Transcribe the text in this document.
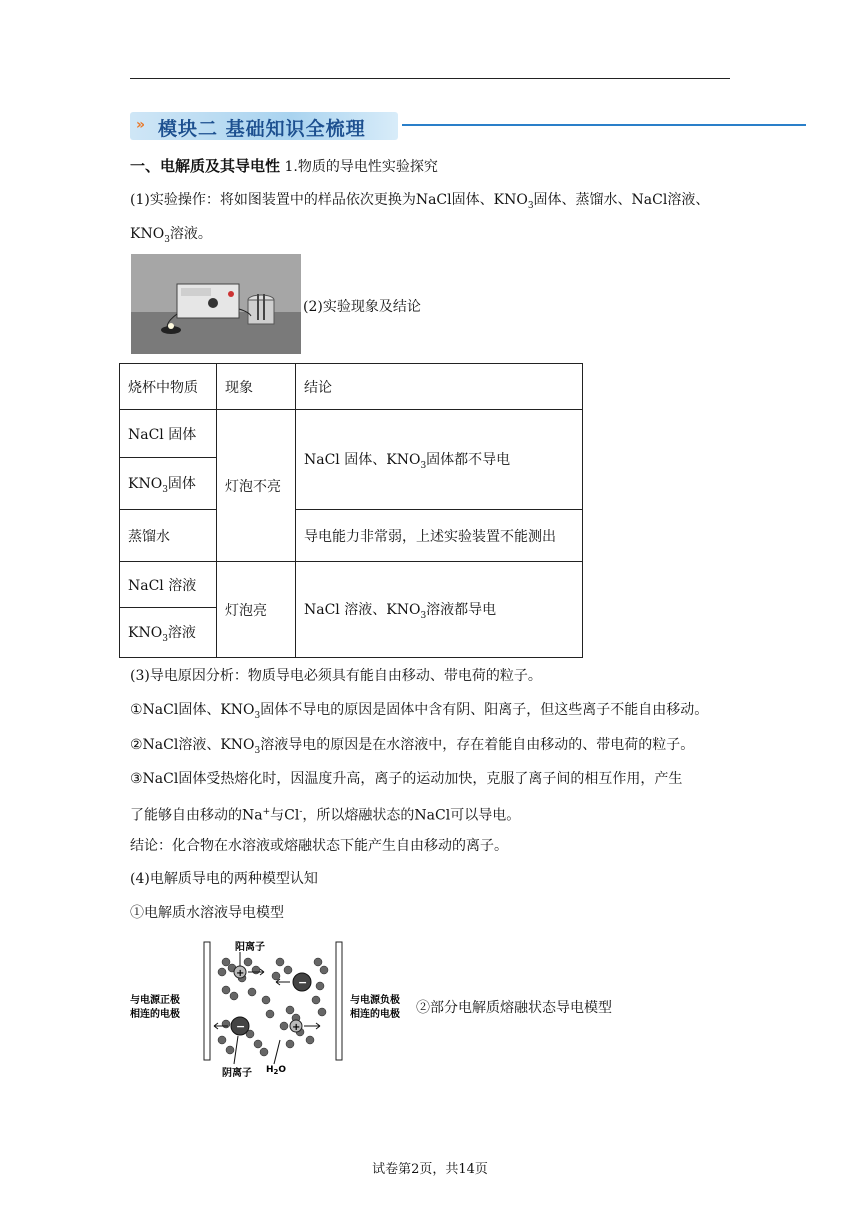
» 模块二 基础知识全梳理
一、电解质及其导电性 1.物质的导电性实验探究
(1)实验操作：将如图装置中的样品依次更换为NaCl固体、$KNO_3$固体、蒸馏水、NaCl溶液、
$KNO_3$溶液。
(2)实验现象及结论
烧杯中物质	现象	结论
NaCl 固体	灯泡不亮	NaCl 固体、$KNO_3$固体都不导电
$KNO_3$固体		
蒸馏水		导电能力非常弱，上述实验装置不能测出
NaCl 溶液	灯泡亮	NaCl 溶液、$KNO_3$溶液都导电
$KNO_3$溶液		
(3)导电原因分析：物质导电必须具有能自由移动、带电荷的粒子。
①NaCl固体、$KNO_3$固体不导电的原因是固体中含有阴、阳离子，但这些离子不能自由移动。
②NaCl溶液、$KNO_3$溶液导电的原因是在水溶液中，存在着能自由移动的、带电荷的粒子。
③NaCl固体受热熔化时，因温度升高，离子的运动加快，克服了离子间的相互作用，产生
了能够自由移动的Na+与Cl-，所以熔融状态的NaCl可以导电。
结论：化合物在水溶液或熔融状态下能产生自由移动的离子。
(4)电解质导电的两种模型认知
①电解质水溶液导电模型
与电源正极
相连的电极
与电源负极
相连的电极
阳离子
阴离子 $H_2O$
+
−
−	+
②部分电解质熔融状态导电模型
试卷第2页，共14页
